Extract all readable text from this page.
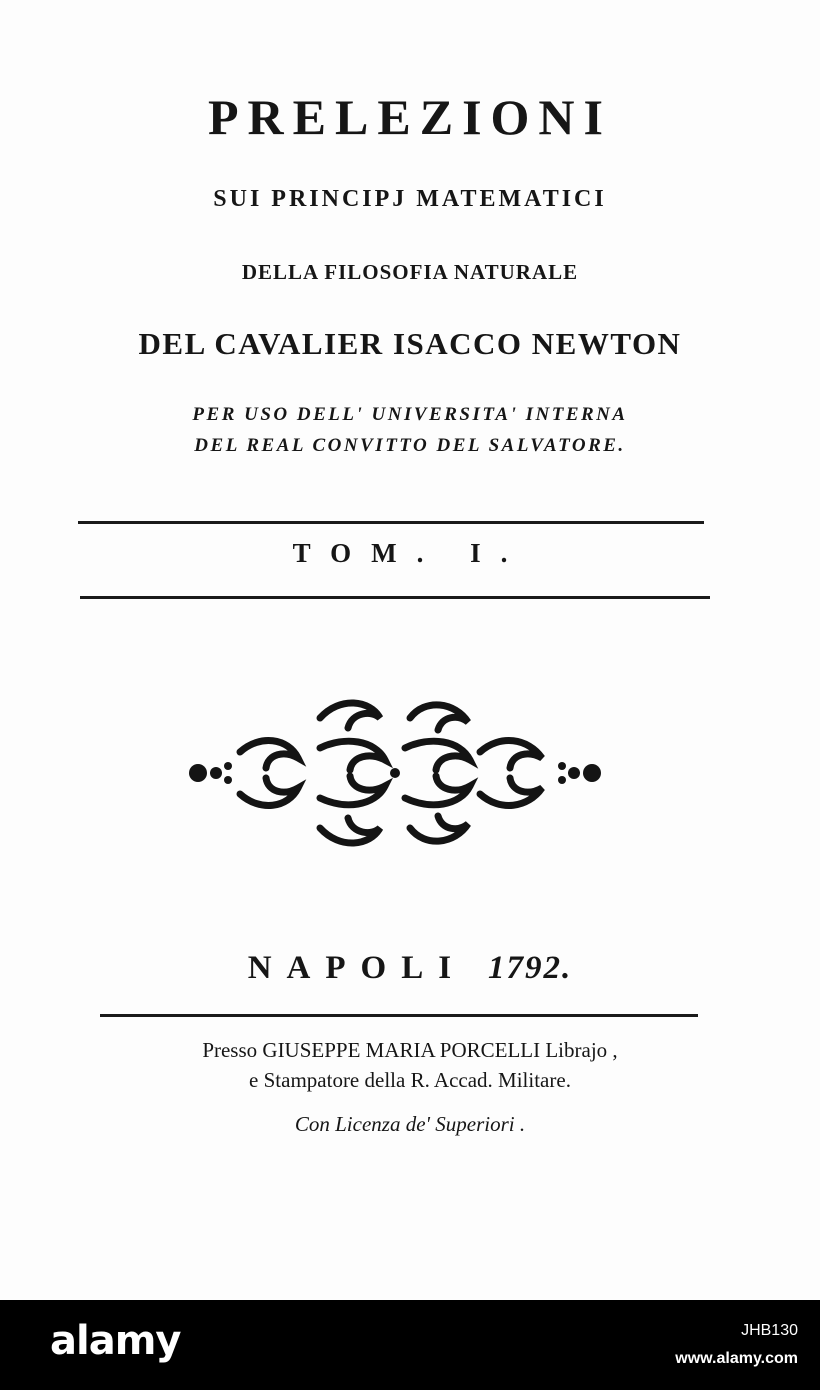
PRELEZIONI
SUI PRINCIPJ MATEMATICI
DELLA FILOSOFIA NATURALE
DEL CAVALIER ISACCO NEWTON
PER USO DELL' UNIVERSITA' INTERNA
DEL REAL CONVITTO DEL SALVATORE.
TOM. I.
NAPOLI 1792.
Presso GIUSEPPE MARIA PORCELLI Librajo ,
e Stampatore della R. Accad. Militare.
Con Licenza de' Superiori .
alamy	JHB130
www.alamy.com
